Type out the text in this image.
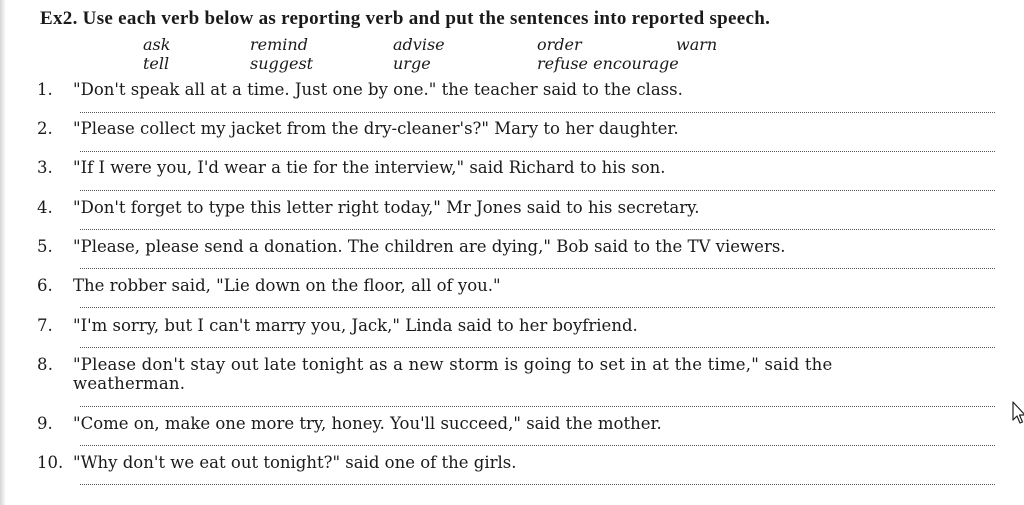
Ex2. Use each verb below as reporting verb and put the sentences into reported speech.
ask	remind	advise	order	warn
tell	suggest	urge	refuse encourage
1. "Don't speak all at a time. Just one by one." the teacher said to the class.
2. "Please collect my jacket from the dry-cleaner's?" Mary to her daughter.
3. "If I were you, I'd wear a tie for the interview," said Richard to his son.
4. "Don't forget to type this letter right today," Mr Jones said to his secretary.
5. "Please, please send a donation. The children are dying," Bob said to the TV viewers.
6. The robber said, "Lie down on the floor, all of you."
7. "I'm sorry, but I can't marry you, Jack," Linda said to her boyfriend.
8. "Please don't stay out late tonight as a new storm is going to set in at the time," said the
weatherman.
9. "Come on, make one more try, honey. You'll succeed," said the mother.
10. "Why don't we eat out tonight?" said one of the girls.
